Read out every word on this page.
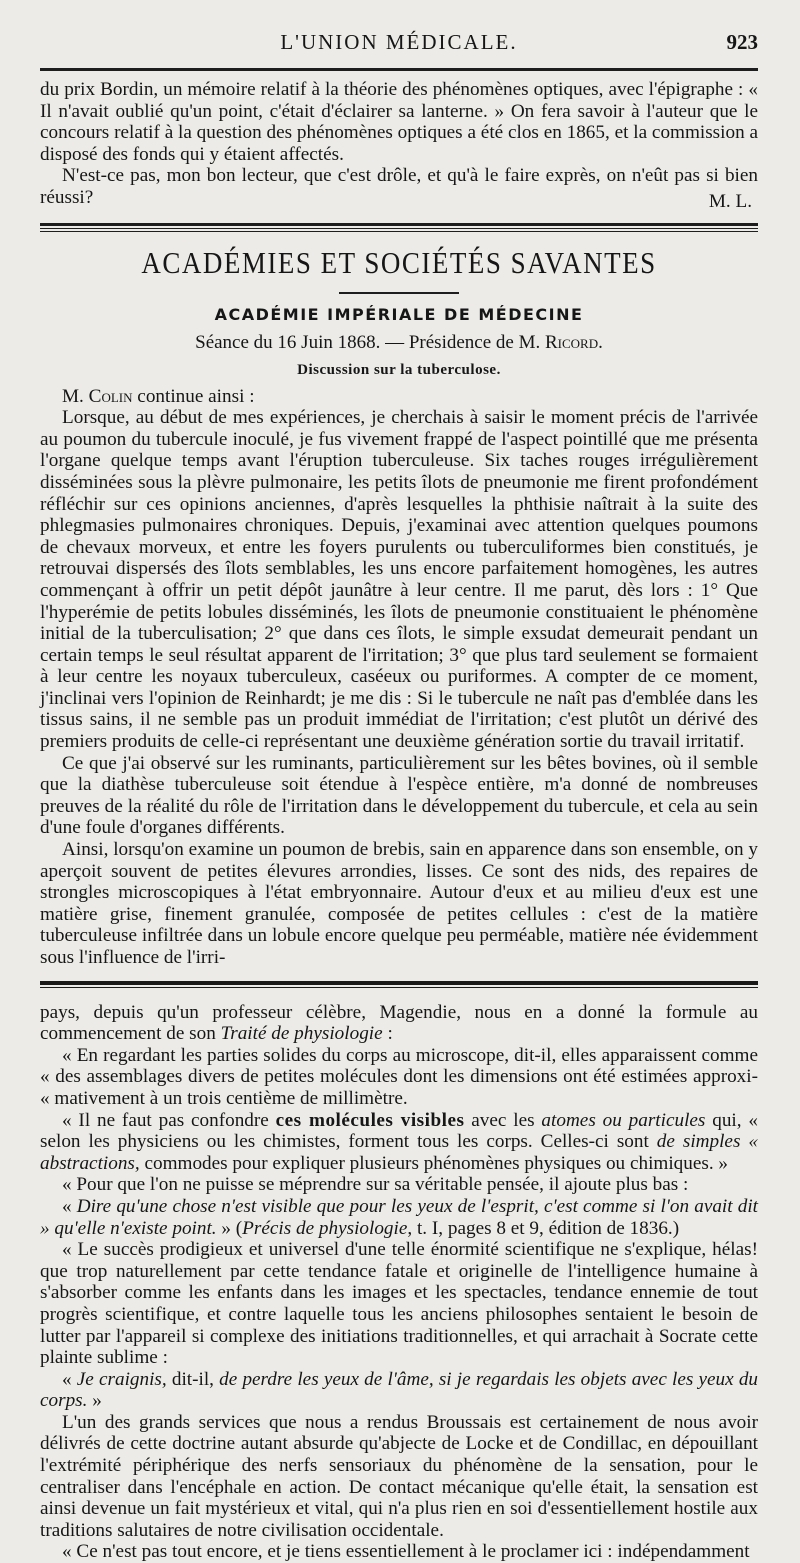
L'UNION MÉDICALE.	923

du prix Bordin, un mémoire relatif à la théorie des phénomènes optiques, avec l'épigraphe : « Il n'avait oublié qu'un point, c'était d'éclairer sa lanterne. » On fera savoir à l'auteur que le concours relatif à la question des phénomènes optiques a été clos en 1865, et la commission a disposé des fonds qui y étaient affectés.

N'est-ce pas, mon bon lecteur, que c'est drôle, et qu'à le faire exprès, on n'eût pas si bien réussi?	M. L.
ACADÉMIES ET SOCIÉTÉS SAVANTES
ACADÉMIE IMPÉRIALE DE MÉDECINE
Séance du 16 Juin 1868. — Présidence de M. Ricord.
Discussion sur la tuberculose.

M. Colin continue ainsi :

Lorsque, au début de mes expériences, je cherchais à saisir le moment précis de l'arrivée au poumon du tubercule inoculé, je fus vivement frappé de l'aspect pointillé que me présenta l'organe quelque temps avant l'éruption tuberculeuse. Six taches rouges irrégulièrement disséminées sous la plèvre pulmonaire, les petits îlots de pneumonie me firent profondément réfléchir sur ces opinions anciennes, d'après lesquelles la phthisie naîtrait à la suite des phlegmasies pulmonaires chroniques. Depuis, j'examinai avec attention quelques poumons de chevaux morveux, et entre les foyers purulents ou tuberculiformes bien constitués, je retrouvai dispersés des îlots semblables, les uns encore parfaitement homogènes, les autres commençant à offrir un petit dépôt jaunâtre à leur centre. Il me parut, dès lors : 1° Que l'hyperémie de petits lobules disséminés, les îlots de pneumonie constituaient le phénomène initial de la tuberculisation; 2° que dans ces îlots, le simple exsudat demeurait pendant un certain temps le seul résultat apparent de l'irritation; 3° que plus tard seulement se formaient à leur centre les noyaux tuberculeux, caséeux ou puriformes. A compter de ce moment, j'inclinai vers l'opinion de Reinhardt; je me dis : Si le tubercule ne naît pas d'emblée dans les tissus sains, il ne semble pas un produit immédiat de l'irritation; c'est plutôt un dérivé des premiers produits de celle-ci représentant une deuxième génération sortie du travail irritatif.

Ce que j'ai observé sur les ruminants, particulièrement sur les bêtes bovines, où il semble que la diathèse tuberculeuse soit étendue à l'espèce entière, m'a donné de nombreuses preuves de la réalité du rôle de l'irritation dans le développement du tubercule, et cela au sein d'une foule d'organes différents.

Ainsi, lorsqu'on examine un poumon de brebis, sain en apparence dans son ensemble, on y aperçoit souvent de petites élevures arrondies, lisses. Ce sont des nids, des repaires de strongles microscopiques à l'état embryonnaire. Autour d'eux et au milieu d'eux est une matière grise, finement granulée, composée de petites cellules : c'est de la matière tuberculeuse infiltrée dans un lobule encore quelque peu perméable, matière née évidemment sous l'influence de l'irri-

pays, depuis qu'un professeur célèbre, Magendie, nous en a donné la formule au commencement de son Traité de physiologie :

« En regardant les parties solides du corps au microscope, dit-il, elles apparaissent comme « des assemblages divers de petites molécules dont les dimensions ont été estimées approxi- « mativement à un trois centième de millimètre.

« Il ne faut pas confondre ces molécules visibles avec les atomes ou particules qui, « selon les physiciens ou les chimistes, forment tous les corps. Celles-ci sont de simples « abstractions, commodes pour expliquer plusieurs phénomènes physiques ou chimiques. »

« Pour que l'on ne puisse se méprendre sur sa véritable pensée, il ajoute plus bas :

« Dire qu'une chose n'est visible que pour les yeux de l'esprit, c'est comme si l'on avait dit » qu'elle n'existe point. » (Précis de physiologie, t. I, pages 8 et 9, édition de 1836.)

« Le succès prodigieux et universel d'une telle énormité scientifique ne s'explique, hélas! que trop naturellement par cette tendance fatale et originelle de l'intelligence humaine à s'absorber comme les enfants dans les images et les spectacles, tendance ennemie de tout progrès scientifique, et contre laquelle tous les anciens philosophes sentaient le besoin de lutter par l'appareil si complexe des initiations traditionnelles, et qui arrachait à Socrate cette plainte sublime :

« Je craignis, dit-il, de perdre les yeux de l'âme, si je regardais les objets avec les yeux du corps. »

L'un des grands services que nous a rendus Broussais est certainement de nous avoir délivrés de cette doctrine autant absurde qu'abjecte de Locke et de Condillac, en dépouillant l'extrémité périphérique des nerfs sensoriaux du phénomène de la sensation, pour le centraliser dans l'encéphale en action. De contact mécanique qu'elle était, la sensation est ainsi devenue un fait mystérieux et vital, qui n'a plus rien en soi d'essentiellement hostile aux traditions salutaires de notre civilisation occidentale.

« Ce n'est pas tout encore, et je tiens essentiellement à le proclamer ici : indépendamment
